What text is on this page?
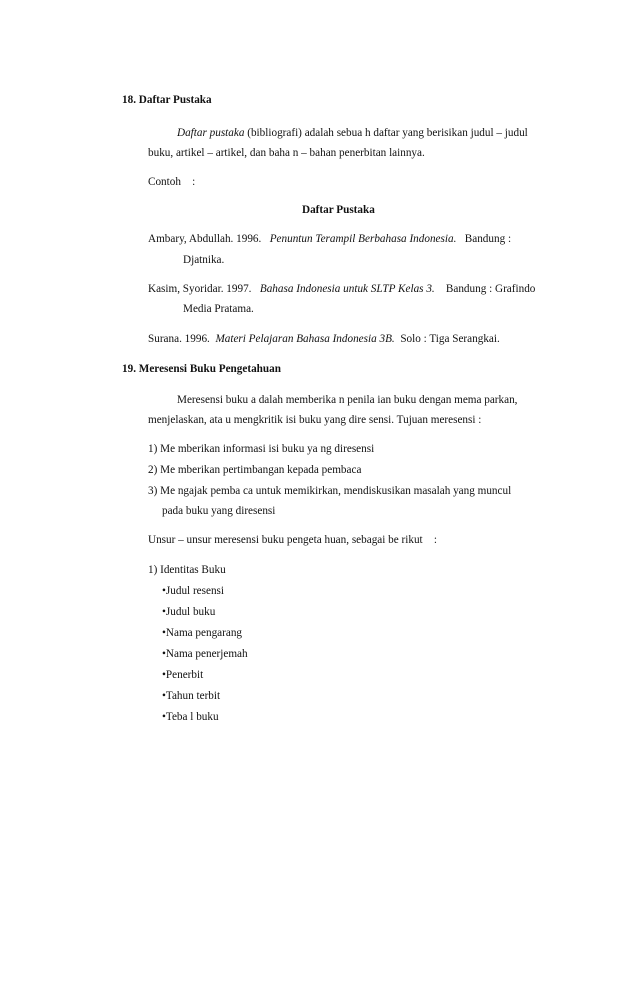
18. Daftar Pustaka
Daftar pustaka (bibliografi) adalah sebua h daftar yang berisikan judul – judul
buku, artikel – artikel, dan baha n – bahan penerbitan lainnya.
Contoh    :
Daftar Pustaka
Ambary, Abdullah. 1996.   Penuntun Terampil Berbahasa Indonesia.   Bandung :
Djatnika.
Kasim, Syoridar. 1997.   Bahasa Indonesia untuk SLTP Kelas 3.    Bandung : Grafindo
Media Pratama.
Surana. 1996.  Materi Pelajaran Bahasa Indonesia 3B.  Solo : Tiga Serangkai.
19. Meresensi Buku Pengetahuan
Meresensi buku a dalah memberika n penila ian buku dengan mema parkan,
menjelaskan, ata u mengkritik isi buku yang dire sensi. Tujuan meresensi :
1) Me mberikan informasi isi buku ya ng diresensi
2) Me mberikan pertimbangan kepada pembaca
3) Me ngajak pemba ca untuk memikirkan, mendiskusikan masalah yang muncul
pada buku yang diresensi
Unsur – unsur meresensi buku pengeta huan, sebagai be rikut    :
1) Identitas Buku
•Judul resensi
•Judul buku
•Nama pengarang
•Nama penerjemah
•Penerbit
•Tahun terbit
•Teba l buku
